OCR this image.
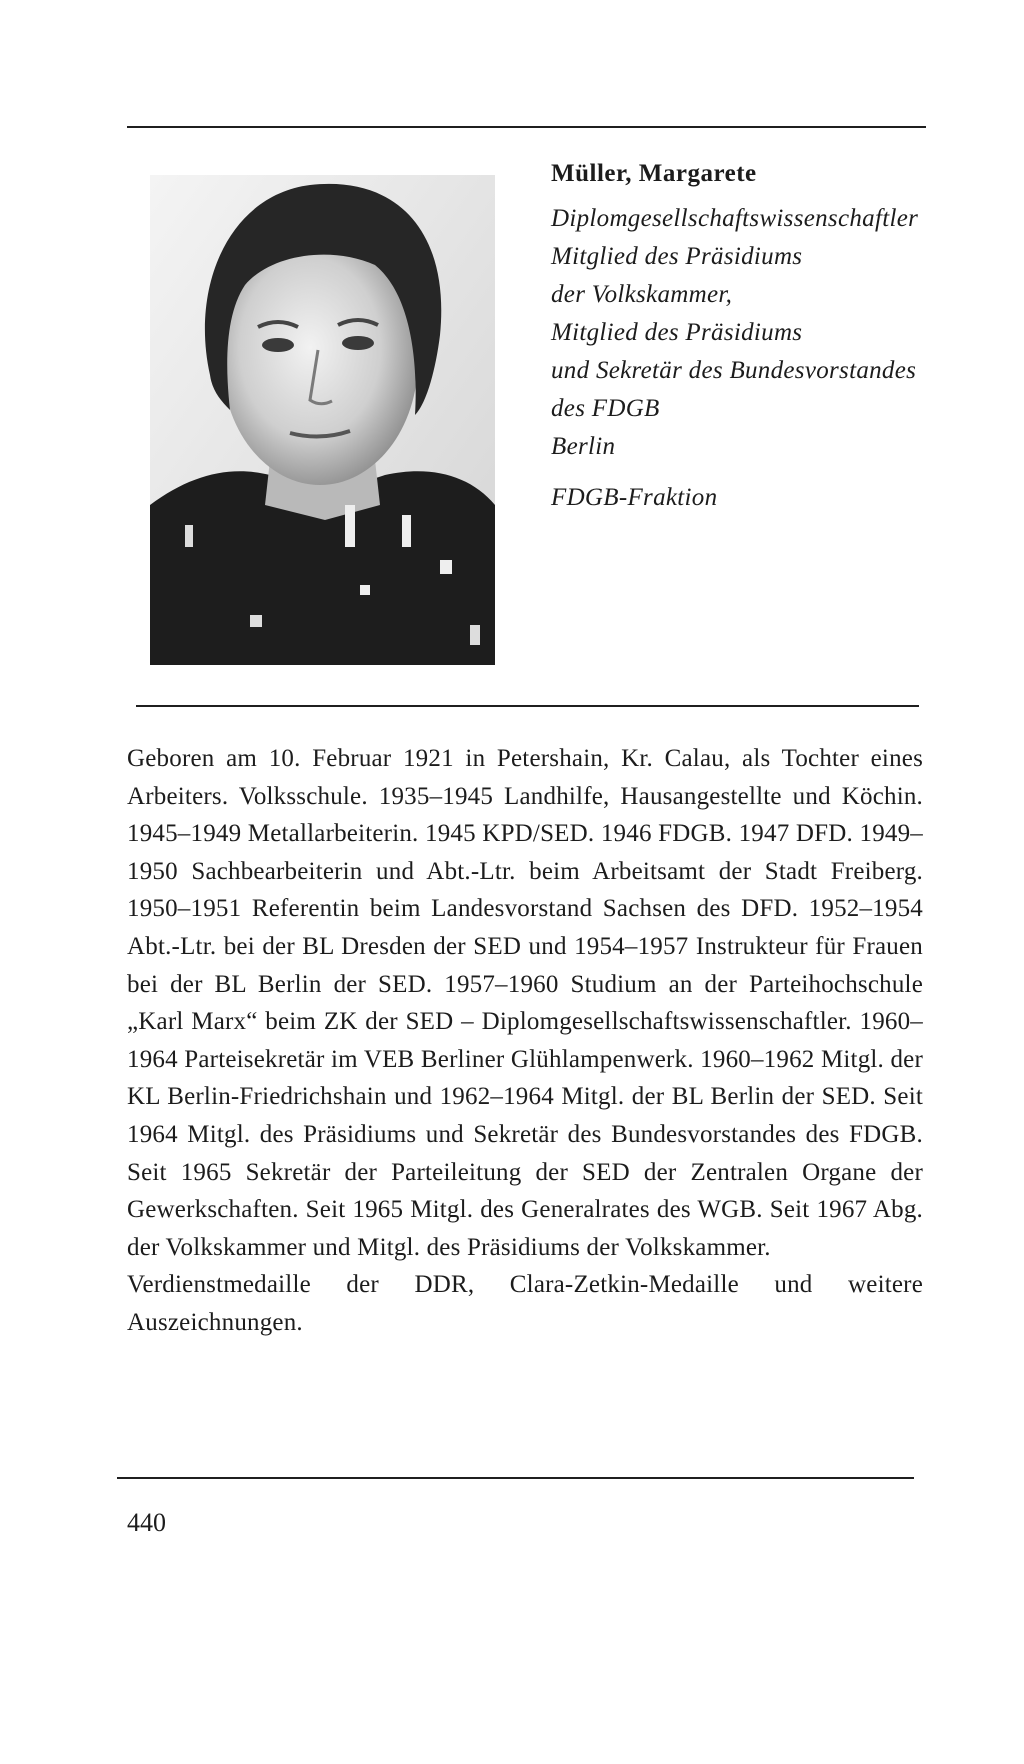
Müller, Margarete
Diplomgesellschaftswissenschaftler
Mitglied des Präsidiums
der Volkskammer,
Mitglied des Präsidiums
und Sekretär des Bundesvorstandes
des FDGB
Berlin
FDGB-Fraktion

Geboren am 10. Februar 1921 in Petershain, Kr. Calau, als Tochter eines Arbeiters. Volksschule. 1935–1945 Landhilfe, Hausangestellte und Köchin. 1945–1949 Metallarbeiterin. 1945 KPD/SED. 1946 FDGB. 1947 DFD. 1949–1950 Sachbearbeiterin und Abt.-Ltr. beim Arbeitsamt der Stadt Freiberg. 1950–1951 Referentin beim Landesvorstand Sachsen des DFD. 1952–1954 Abt.-Ltr. bei der BL Dresden der SED und 1954–1957 Instrukteur für Frauen bei der BL Berlin der SED. 1957–1960 Studium an der Parteihochschule „Karl Marx“ beim ZK der SED – Diplomgesellschaftswissenschaftler. 1960–1964 Parteisekretär im VEB Berliner Glühlampenwerk. 1960–1962 Mitgl. der KL Berlin-Friedrichshain und 1962–1964 Mitgl. der BL Berlin der SED. Seit 1964 Mitgl. des Präsidiums und Sekretär des Bundesvorstandes des FDGB. Seit 1965 Sekretär der Parteileitung der SED der Zentralen Organe der Gewerkschaften. Seit 1965 Mitgl. des Generalrates des WGB. Seit 1967 Abg. der Volkskammer und Mitgl. des Präsidiums der Volkskammer.

Verdienstmedaille der DDR, Clara-Zetkin-Medaille und weitere Auszeichnungen.

440
